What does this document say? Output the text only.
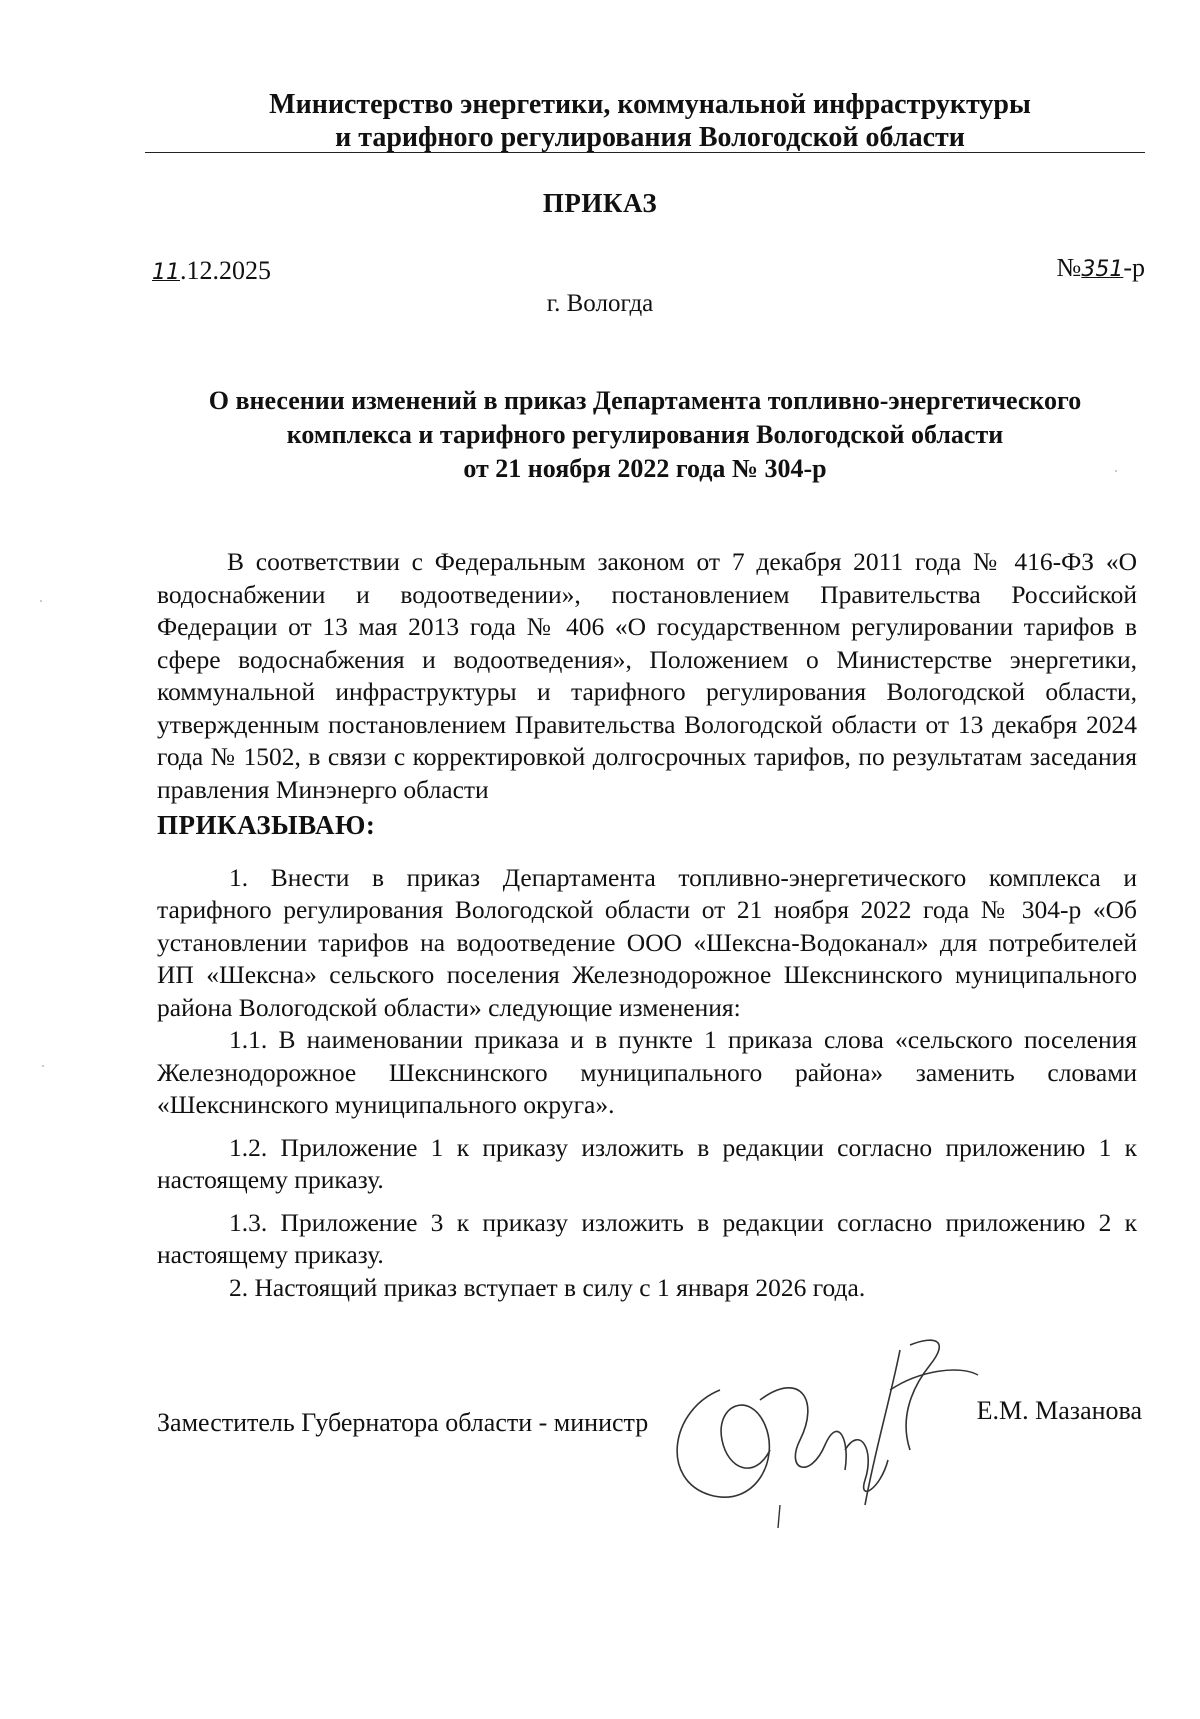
Министерство энергетики, коммунальной инфраструктуры
и тарифного регулирования Вологодской области
ПРИКАЗ
11.12.2025	№351-р
г. Вологда
О внесении изменений в приказ Департамента топливно-энергетического
комплекса и тарифного регулирования Вологодской области
от 21 ноября 2022 года № 304-р

В соответствии с Федеральным законом от 7 декабря 2011 года № 416-ФЗ «О водоснабжении и водоотведении», постановлением Правительства Российской Федерации от 13 мая 2013 года № 406 «О государственном регулировании тарифов в сфере водоснабжения и водоотведения», Положением о Министерстве энергетики, коммунальной инфраструктуры и тарифного регулирования Вологодской области, утвержденным постановлением Правительства Вологодской области от 13 декабря 2024 года № 1502, в связи с корректировкой долгосрочных тарифов, по результатам заседания правления Минэнерго области

ПРИКАЗЫВАЮ:

1. Внести в приказ Департамента топливно-энергетического комплекса и тарифного регулирования Вологодской области от 21 ноября 2022 года № 304-р «Об установлении тарифов на водоотведение ООО «Шексна-Водоканал» для потребителей ИП «Шексна» сельского поселения Железнодорожное Шекснинского муниципального района Вологодской области» следующие изменения:

1.1. В наименовании приказа и в пункте 1 приказа слова «сельского поселения Железнодорожное Шекснинского муниципального района» заменить словами «Шекснинского муниципального округа».

1.2. Приложение 1 к приказу изложить в редакции согласно приложению 1 к настоящему приказу.

1.3. Приложение 3 к приказу изложить в редакции согласно приложению 2 к настоящему приказу.

2. Настоящий приказ вступает в силу с 1 января 2026 года.

Заместитель Губернатора области - министр	Е.М. Мазанова
